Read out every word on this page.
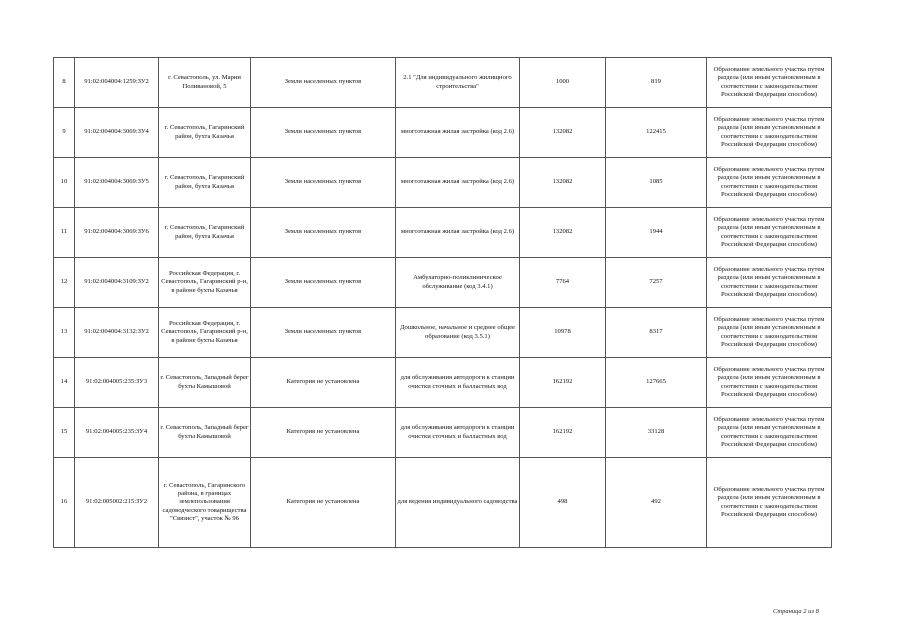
8	91:02:004004:1259:ЗУ2	г. Севастополь, ул. Марии Поливановой, 5	Земли населенных пунктов	2.1 "Для индивидуального жилищного строительства"	1000	819	Образование земельного участка путем раздела (или иным установленным в соответствии с законодательством Российской Федерации способом)
9	91:02:004004:3069:ЗУ4	г. Севастополь, Гагаринский район, бухта Казачья	Земли населенных пунктов	многоэтажная жилая застройка (код 2.6)	132082	122415	Образование земельного участка путем раздела (или иным установленным в соответствии с законодательством Российской Федерации способом)
10	91:02:004004:3069:ЗУ5	г. Севастополь, Гагаринский район, бухта Казачья	Земли населенных пунктов	многоэтажная жилая застройка (код 2.6)	132082	1085	Образование земельного участка путем раздела (или иным установленным в соответствии с законодательством Российской Федерации способом)
11	91:02:004004:3069:ЗУ6	г. Севастополь, Гагаринский район, бухта Казачья	Земли населенных пунктов	многоэтажная жилая застройка (код 2.6)	132082	1944	Образование земельного участка путем раздела (или иным установленным в соответствии с законодательством Российской Федерации способом)
12	91:02:004004:3109:ЗУ2	Российская Федерация, г. Севастополь, Гагаринский р-н, в районе бухты Казачья	Земли населенных пунктов	Амбулаторно-поликлиническое обслуживание (код 3.4.1)	7764	7257	Образование земельного участка путем раздела (или иным установленным в соответствии с законодательством Российской Федерации способом)
13	91:02:004004:3132:ЗУ2	Российская Федерация, г. Севастополь, Гагаринский р-н, в районе бухты Казачья	Земли населенных пунктов	Дошкольное, начальное и среднее общее образование (код 3.5.1)	10978	8317	Образование земельного участка путем раздела (или иным установленным в соответствии с законодательством Российской Федерации способом)
14	91:02:004005:235:ЗУ3	г. Севастополь, Западный берег бухты Камышовой	Категория не установлена	для обслуживания автодороги к станции очистки сточных и балластных вод	162192	127665	Образование земельного участка путем раздела (или иным установленным в соответствии с законодательством Российской Федерации способом)
15	91:02:004005:235:ЗУ4	г. Севастополь, Западный берег бухты Камышовой	Категория не установлена	для обслуживания автодороги к станции очистки сточных и балластных вод	162192	33128	Образование земельного участка путем раздела (или иным установленным в соответствии с законодательством Российской Федерации способом)
16	91:02:005002:215:ЗУ2	г. Севастополь, Гагаринского района, в границах землепользования садоводческого товарищества "Связист", участок № 96	Категория не установлена	для ведения индивидуального садоводства	498	492	Образование земельного участка путем раздела (или иным установленным в соответствии с законодательством Российской Федерации способом)
Страница 2 из 8
